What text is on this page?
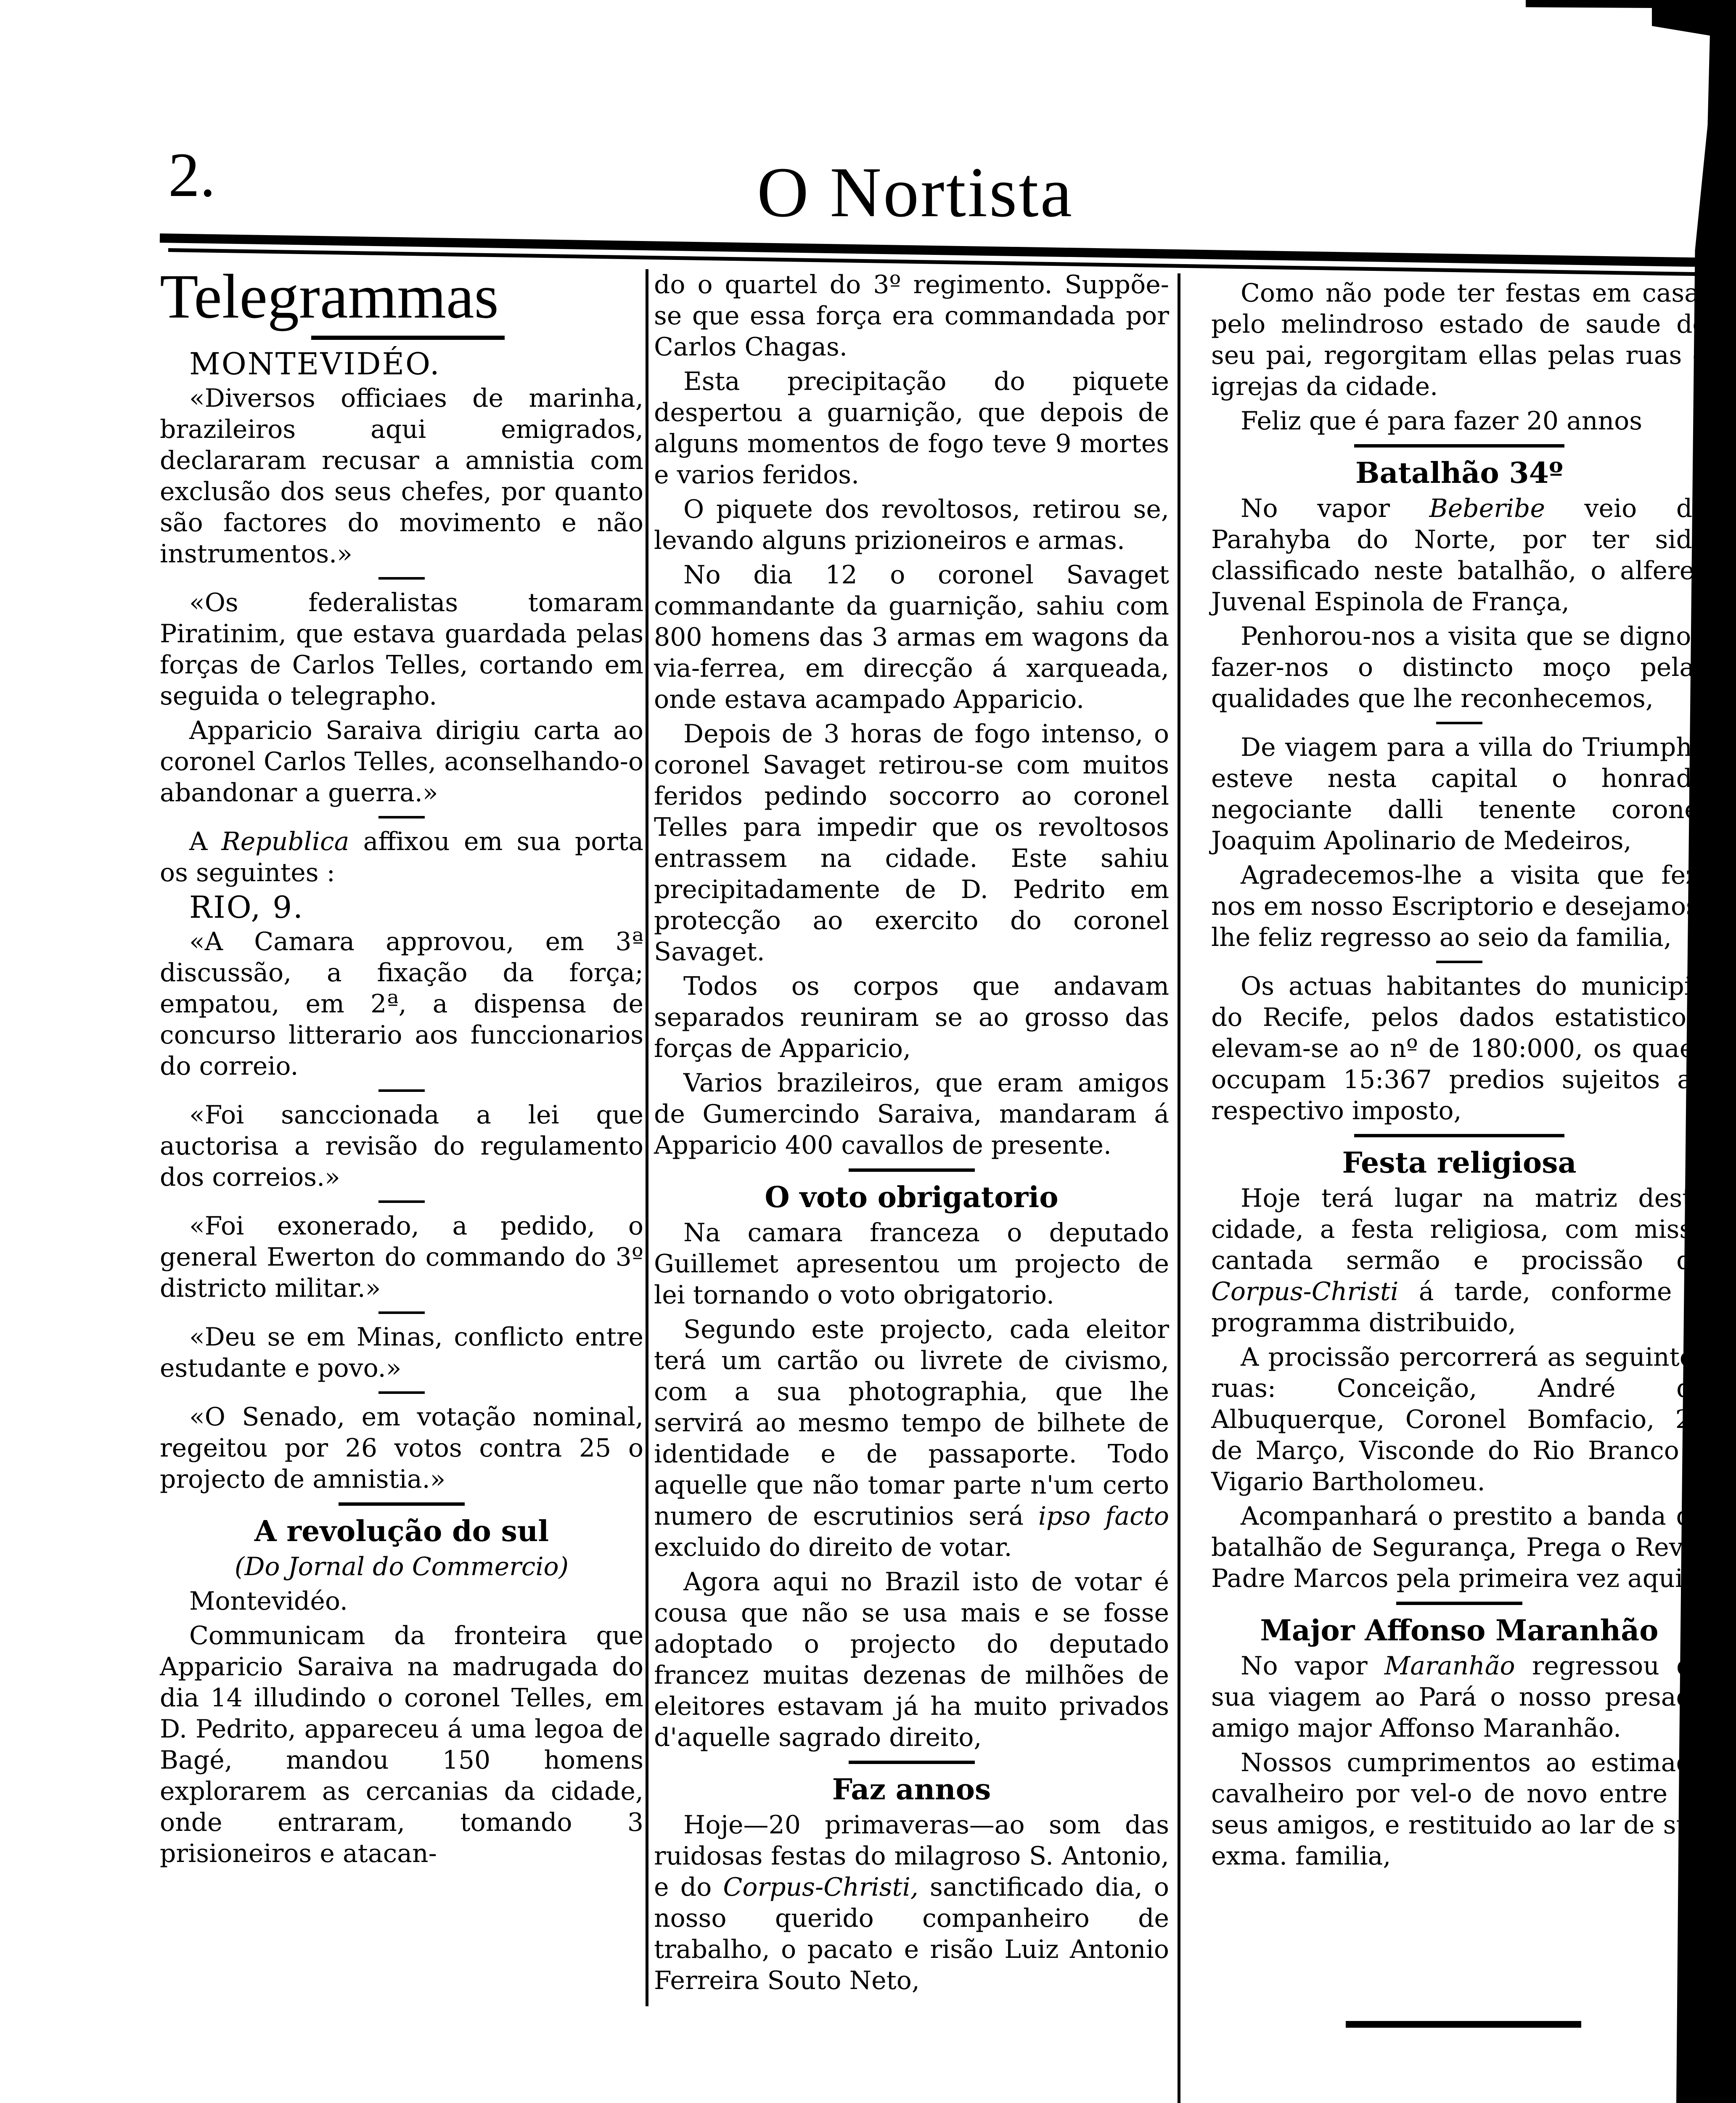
2.	O Nortista

Telegrammas

MONTEVIDÉO.

«Diversos officiaes de marinha, brazileiros aqui emigrados, declararam recusar a amnistia com exclusão dos seus chefes, por quanto são factores do movimento e não instrumentos.»

«Os federalistas tomaram Piratinim, que estava guardada pelas forças de Carlos Telles, cortando em seguida o telegrapho.

Apparicio Saraiva dirigiu carta ao coronel Carlos Telles, aconselhando-o abandonar a guerra.»

A Republica affixou em sua porta os seguintes :

RIO, 9.

«A Camara approvou, em 3ª discussão, a fixação da força; empatou, em 2ª, a dispensa de concurso litterario aos funccionarios do correio.

«Foi sanccionada a lei que auctorisa a revisão do regulamento dos correios.»

«Foi exonerado, a pedido, o general Ewerton do commando do 3º districto militar.»

«Deu se em Minas, conflicto entre estudante e povo.»

«O Senado, em votação nominal, regeitou por 26 votos contra 25 o projecto de amnistia.»

A revolução do sul

(Do Jornal do Commercio)

Montevidéo.

Communicam da fronteira que Apparicio Saraiva na madrugada do dia 14 illudindo o coronel Telles, em D. Pedrito, appareceu á uma legoa de Bagé, mandou 150 homens explorarem as cercanias da cidade, onde entraram, tomando 3 prisioneiros e atacan-

do o quartel do 3º regimento. Suppõe-se que essa força era commandada por Carlos Chagas.

Esta precipitação do piquete despertou a guarnição, que depois de alguns momentos de fogo teve 9 mortes e varios feridos.

O piquete dos revoltosos, retirou se, levando alguns prizioneiros e armas.

No dia 12 o coronel Savaget commandante da guarnição, sahiu com 800 homens das 3 armas em wagons da via-ferrea, em direcção á xarqueada, onde estava acampado Apparicio.

Depois de 3 horas de fogo intenso, o coronel Savaget retirou-se com muitos feridos pedindo soccorro ao coronel Telles para impedir que os revoltosos entrassem na cidade. Este sahiu precipitadamente de D. Pedrito em protecção ao exercito do coronel Savaget.

Todos os corpos que andavam separados reuniram se ao grosso das forças de Apparicio,

Varios brazileiros, que eram amigos de Gumercindo Saraiva, mandaram á Apparicio 400 cavallos de presente.

O voto obrigatorio

Na camara franceza o deputado Guillemet apresentou um projecto de lei tornando o voto obrigatorio.

Segundo este projecto, cada eleitor terá um cartão ou livrete de civismo, com a sua photographia, que lhe servirá ao mesmo tempo de bilhete de identidade e de passaporte. Todo aquelle que não tomar parte n'um certo numero de escrutinios será ipso facto excluido do direito de votar.

Agora aqui no Brazil isto de votar é cousa que não se usa mais e se fosse adoptado o projecto do deputado francez muitas dezenas de milhões de eleitores estavam já ha muito privados d'aquelle sagrado direito,

Faz annos

Hoje—20 primaveras—ao som das ruidosas festas do milagroso S. Antonio, e do Corpus-Christi, sanctificado dia, o nosso querido companheiro de trabalho, o pacato e risão Luiz Antonio Ferreira Souto Neto,

Como não pode ter festas em casa, pelo melindroso estado de saude de seu pai, regorgitam ellas pelas ruas e igrejas da cidade.

Feliz que é para fazer 20 annos

Batalhão 34º

No vapor Beberibe veio da Parahyba do Norte, por ter sido classificado neste batalhão, o alferes Juvenal Espinola de França,

Penhorou-nos a visita que se dignou fazer-nos o distincto moço pelas qualidades que lhe reconhecemos,

De viagem para a villa do Triumpho esteve nesta capital o honrado negociante dalli tenente coronel Joaquim Apolinario de Medeiros,

Agradecemos-lhe a visita que fez-nos em nosso Escriptorio e desejamos-lhe feliz regresso ao seio da familia,

Os actuas habitantes do municipio do Recife, pelos dados estatisticos, elevam-se ao nº de 180:000, os quaes occupam 15:367 predios sujeitos ao respectivo imposto,

Festa religiosa

Hoje terá lugar na matriz desta cidade, a festa religiosa, com missa cantada sermão e procissão de Corpus-Christi á tarde, conforme o programma distribuido,

A procissão percorrerá as seguintes ruas: Conceição, André de Albuquerque, Coronel Bomfacio, 21 de Março, Visconde do Rio Branco e Vigario Bartholomeu.

Acompanhará o prestito a banda do batalhão de Segurança, Prega o Revd, Padre Marcos pela primeira vez aqui,

Major Affonso Maranhão

No vapor Maranhão regressou de sua viagem ao Pará o nosso presado amigo major Affonso Maranhão.

Nossos cumprimentos ao estimado cavalheiro por vel-o de novo entre os seus amigos, e restituido ao lar de sua exma. familia,
